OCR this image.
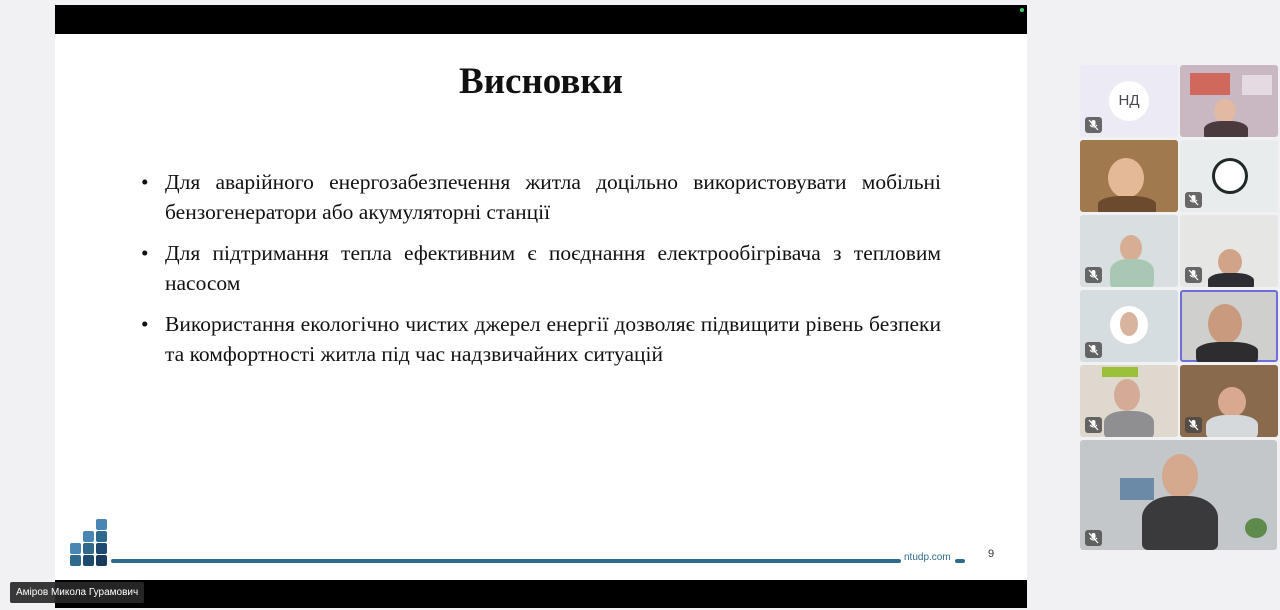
Висновки
• Для аварійного енергозабезпечення житла доцільно використовувати мобільні бензогенератори або акумуляторні станції
• Для підтримання тепла ефективним є поєднання електрообігрівача з тепловим насосом
• Використання екологічно чистих джерел енергії дозволяє підвищити рівень безпеки та комфортності житла під час надзвичайних ситуацій
ntudp.com	9
Аміров Микола Гурамович
НД
